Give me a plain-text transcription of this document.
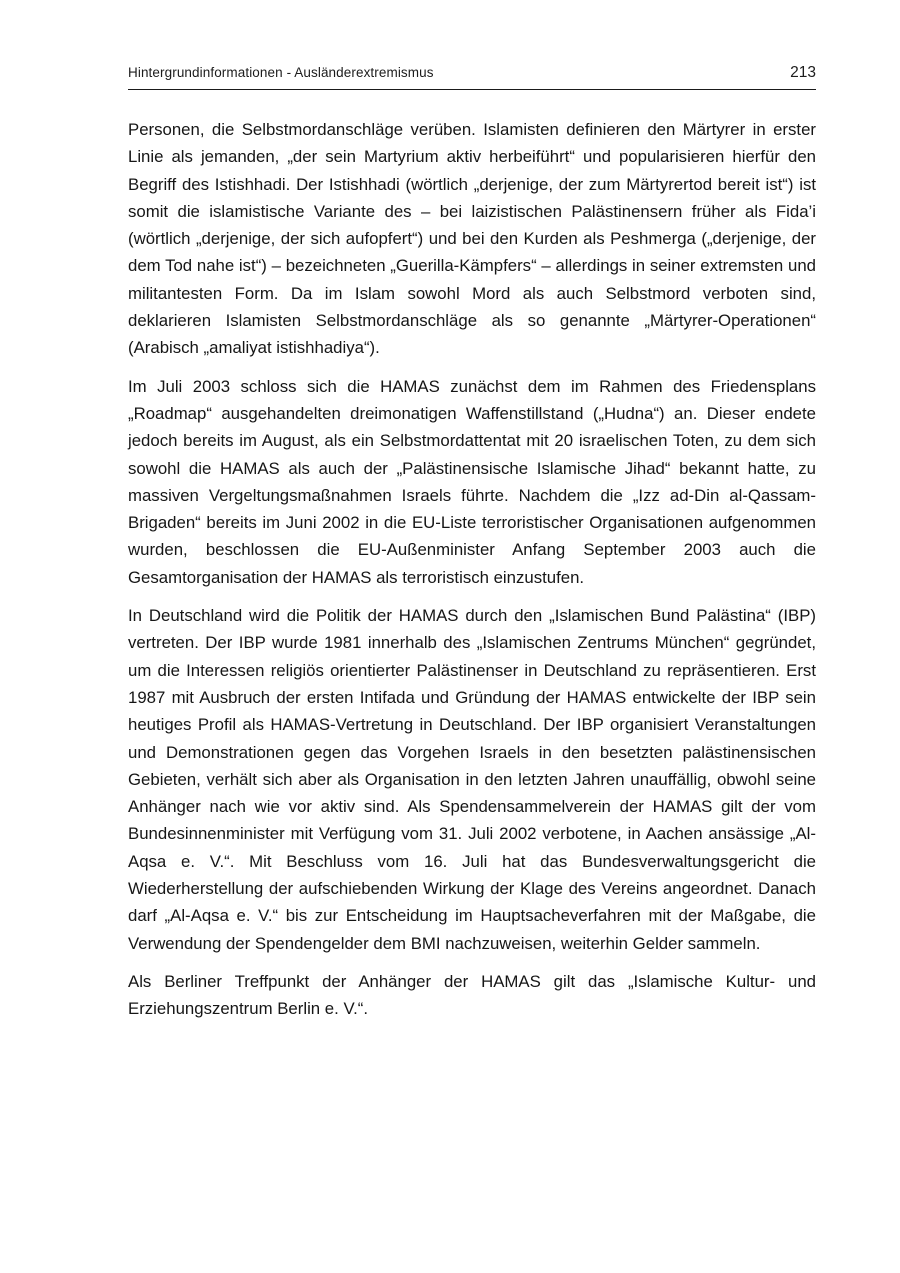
Hintergrundinformationen - Ausländerextremismus	213

Personen, die Selbstmordanschläge verüben. Islamisten definieren den Märtyrer in erster Linie als jemanden, „der sein Martyrium aktiv herbeiführt“ und popularisieren hierfür den Begriff des Istishhadi. Der Istishhadi (wörtlich „derjenige, der zum Märtyrertod bereit ist“) ist somit die islamistische Variante des – bei laizistischen Palästinensern früher als Fida’i (wörtlich „derjenige, der sich aufopfert“) und bei den Kurden als Peshmerga („derjenige, der dem Tod nahe ist“) – bezeichneten „Guerilla-Kämpfers“ – allerdings in seiner extremsten und militantesten Form. Da im Islam sowohl Mord als auch Selbstmord verboten sind, deklarieren Islamisten Selbstmordanschläge als so genannte „Märtyrer-Operationen“ (Arabisch „amaliyat istishhadiya“).

Im Juli 2003 schloss sich die HAMAS zunächst dem im Rahmen des Friedensplans „Roadmap“ ausgehandelten dreimonatigen Waffenstillstand („Hudna“) an. Dieser endete jedoch bereits im August, als ein Selbstmordattentat mit 20 israelischen Toten, zu dem sich sowohl die HAMAS als auch der „Palästinensische Islamische Jihad“ bekannt hatte, zu massiven Vergeltungsmaßnahmen Israels führte. Nachdem die „Izz ad-Din al-Qassam-Brigaden“ bereits im Juni 2002 in die EU-Liste terroristischer Organisationen aufgenommen wurden, beschlossen die EU-Außenminister Anfang September 2003 auch die Gesamtorganisation der HAMAS als terroristisch einzustufen.

In Deutschland wird die Politik der HAMAS durch den „Islamischen Bund Palästina“ (IBP) vertreten. Der IBP wurde 1981 innerhalb des „Islamischen Zentrums München“ gegründet, um die Interessen religiös orientierter Palästinenser in Deutschland zu repräsentieren. Erst 1987 mit Ausbruch der ersten Intifada und Gründung der HAMAS entwickelte der IBP sein heutiges Profil als HAMAS-Vertretung in Deutschland. Der IBP organisiert Veranstaltungen und Demonstrationen gegen das Vorgehen Israels in den besetzten palästinensischen Gebieten, verhält sich aber als Organisation in den letzten Jahren unauffällig, obwohl seine Anhänger nach wie vor aktiv sind. Als Spendensammelverein der HAMAS gilt der vom Bundesinnenminister mit Verfügung vom 31. Juli 2002 verbotene, in Aachen ansässige „Al-Aqsa e. V.“. Mit Beschluss vom 16. Juli hat das Bundesverwaltungsgericht die Wiederherstellung der aufschiebenden Wirkung der Klage des Vereins angeordnet. Danach darf „Al-Aqsa e. V.“ bis zur Entscheidung im Hauptsacheverfahren mit der Maßgabe, die Verwendung der Spendengelder dem BMI nachzuweisen, weiterhin Gelder sammeln.

Als Berliner Treffpunkt der Anhänger der HAMAS gilt das „Islamische Kultur- und Erziehungszentrum Berlin e. V.“.
